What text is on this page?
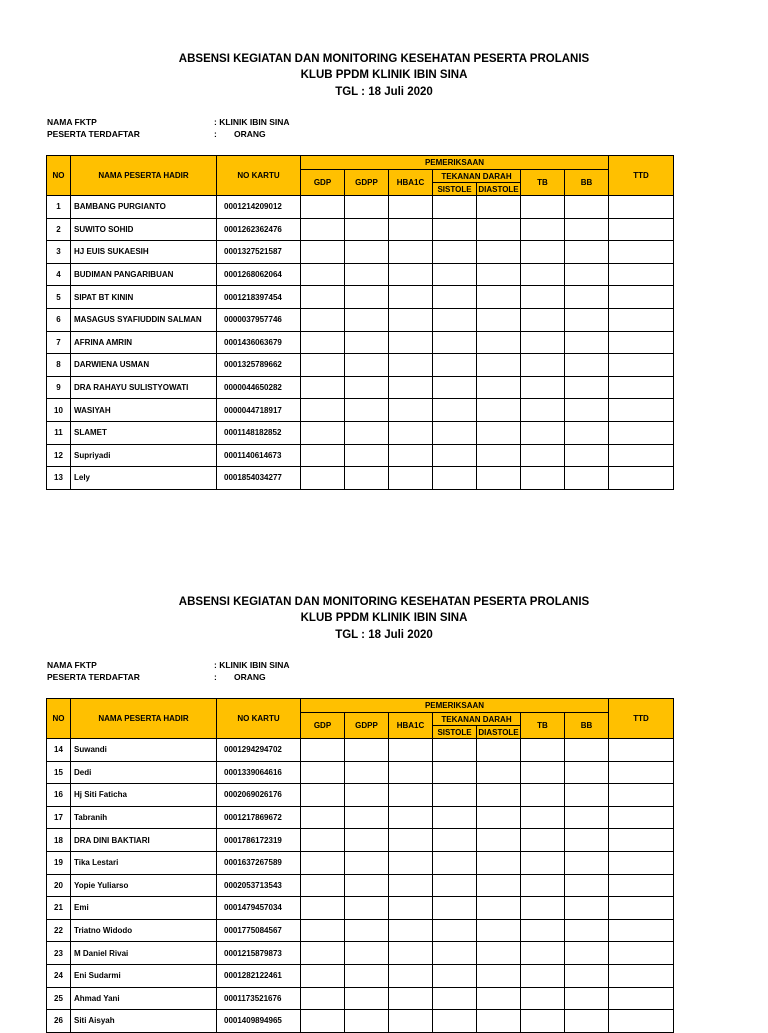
ABSENSI KEGIATAN DAN MONITORING KESEHATAN PESERTA PROLANIS
KLUB PPDM KLINIK IBIN SINA
TGL : 18 Juli 2020
NAMA FKTP	: KLINIK IBIN SINA
PESERTA TERDAFTAR	: ORANG
NO	NAMA PESERTA HADIR	NO KARTU	PEMERIKSAAN							TTD
			GDP	GDPP	HBA1C	TEKANAN DARAH		TB	BB	
						SISTOLE	DIASTOLE			
1	BAMBANG PURGIANTO	0001214209012								
2	SUWITO SOHID	0001262362476								
3	HJ EUIS SUKAESIH	0001327521587								
4	BUDIMAN PANGARIBUAN	0001268062064								
5	SIPAT BT KININ	0001218397454								
6	MASAGUS SYAFIUDDIN SALMAN	0000037957746								
7	AFRINA AMRIN	0001436063679								
8	DARWIENA USMAN	0001325789662								
9	DRA RAHAYU SULISTYOWATI	0000044650282								
10	WASIYAH	0000044718917								
11	SLAMET	0001148182852								
12	Supriyadi	0001140614673								
13	Lely	0001854034277								
ABSENSI KEGIATAN DAN MONITORING KESEHATAN PESERTA PROLANIS
KLUB PPDM KLINIK IBIN SINA
TGL : 18 Juli 2020
NAMA FKTP	: KLINIK IBIN SINA
PESERTA TERDAFTAR	: ORANG
NO	NAMA PESERTA HADIR	NO KARTU	PEMERIKSAAN							TTD
			GDP	GDPP	HBA1C	TEKANAN DARAH		TB	BB	
						SISTOLE	DIASTOLE			
14	Suwandi	0001294294702								
15	Dedi	0001339064616								
16	Hj Siti Faticha	0002069026176								
17	Tabranih	0001217869672								
18	DRA DINI BAKTIARI	0001786172319								
19	Tika Lestari	0001637267589								
20	Yopie Yuliarso	0002053713543								
21	Emi	0001479457034								
22	Triatno Widodo	0001775084567								
23	M Daniel Rivai	0001215879873								
24	Eni Sudarmi	0001282122461								
25	Ahmad Yani	0001173521676								
26	Siti Aisyah	0001409894965								
